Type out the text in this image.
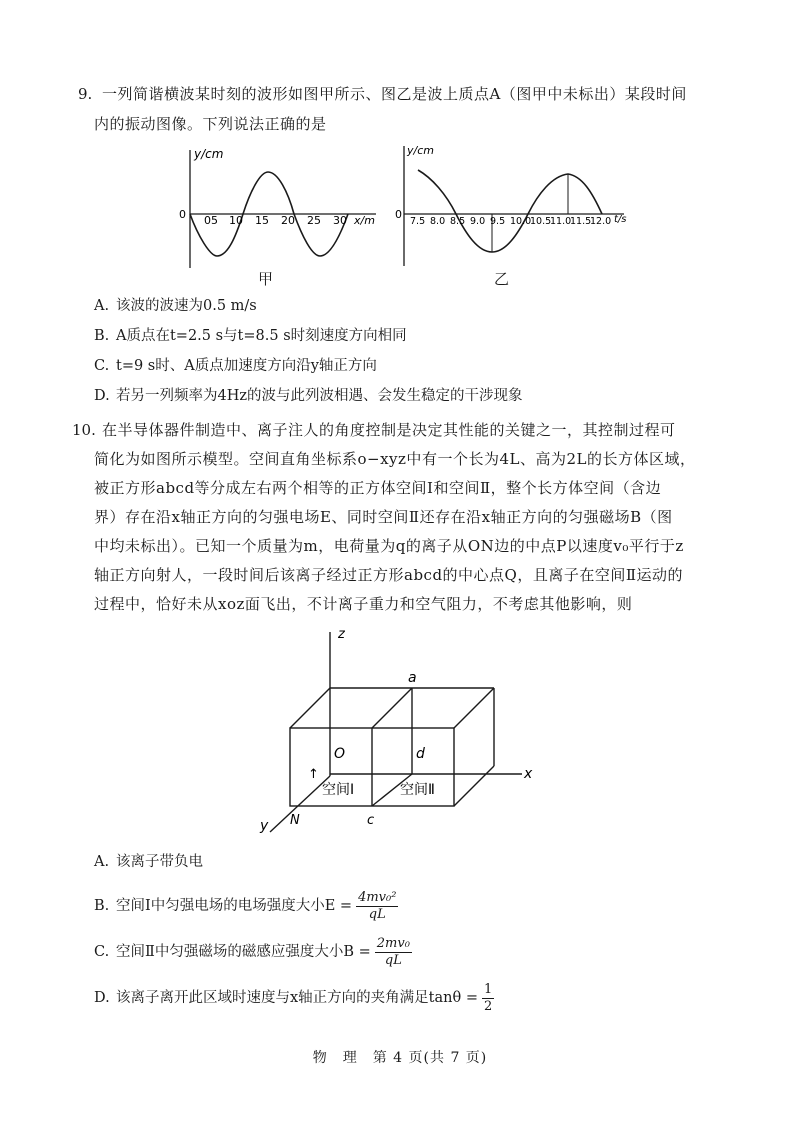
9. 一列简谐横波某时刻的波形如图甲所示、图乙是波上质点A（图甲中未标出）某段时间
内的振动图像。下列说法正确的是
y/cm
0	x/m
05 10 15 20 25 30
甲
y/cm
0	t/s
7.5 8.0 8.5 9.0 9.5 10.0
10.5
11.0
11.5
12.0
乙
A. 该波的波速为0.5 m/s
B. A质点在t=2.5 s与t=8.5 s时刻速度方向相同
C. t=9 s时、A质点加速度方向沿y轴正方向
D. 若另一列频率为4Hz的波与此列波相遇、会发生稳定的干涉现象
10. 在半导体器件制造中、离子注人的角度控制是决定其性能的关键之一，其控制过程可
简化为如图所示模型。空间直角坐标系o−xyz中有一个长为4L、高为2L的长方体区域，
被正方形abcd等分成左右两个相等的正方体空间Ⅰ和空间Ⅱ，整个长方体空间（含边
界）存在沿x轴正方向的匀强电场E、同时空间Ⅱ还存在沿x轴正方向的匀强磁场B（图
中均未标出）。已知一个质量为m，电荷量为q的离子从ON边的中点P以速度v₀平行于z
轴正方向射人，一段时间后该离子经过正方形abcd的中心点Q，且离子在空间Ⅱ运动的
过程中，恰好未从xoz面飞出，不计离子重力和空气阻力，不考虑其他影响，则
z
x
y
a
d
c
O
N
↑
空间Ⅰ	空间Ⅱ
A. 该离子带负电
B. 空间Ⅰ中匀强电场的电场强度大小$E = \frac{\text{4mv₀²}}{qL}$
C. 空间Ⅱ中匀强磁场的磁感应强度大小$B = \frac{\text{2mv₀}}{qL}$
D. 该离子离开此区域时速度与x轴正方向的夹角满足$\tan\theta = \frac{1}{2}$
物　理　第 4 页(共 7 页)
